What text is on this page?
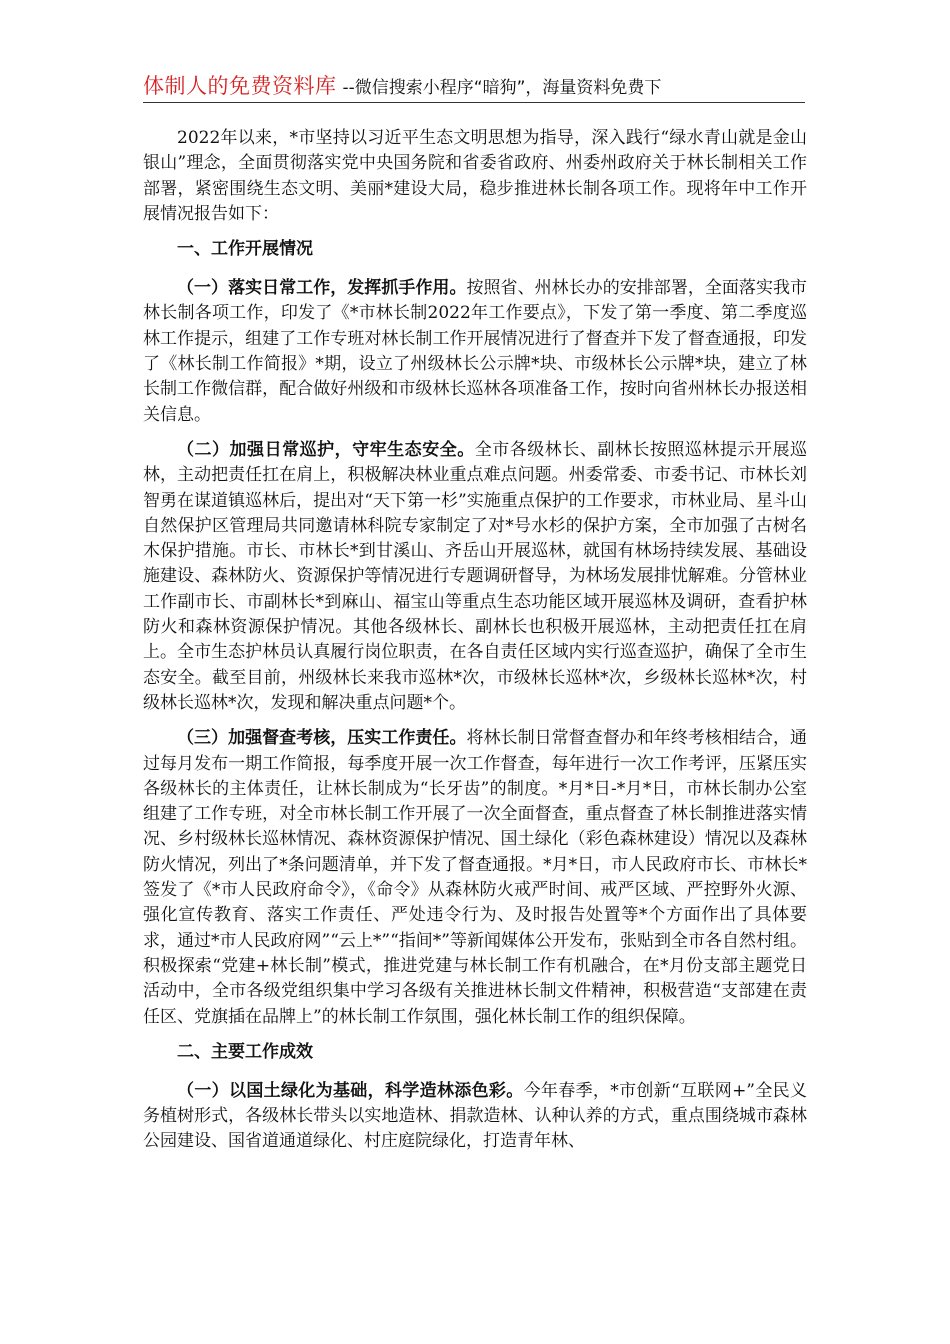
体制人的免费资料库 --微信搜索小程序“暗狗”，海量资料免费下

2022年以来，*市坚持以习近平生态文明思想为指导，深入践行“绿水青山就是金山银山”理念，全面贯彻落实党中央国务院和省委省政府、州委州政府关于林长制相关工作部署，紧密围绕生态文明、美丽*建设大局，稳步推进林长制各项工作。现将年中工作开展情况报告如下：

一、工作开展情况

（一）落实日常工作，发挥抓手作用。按照省、州林长办的安排部署，全面落实我市林长制各项工作，印发了《*市林长制2022年工作要点》，下发了第一季度、第二季度巡林工作提示，组建了工作专班对林长制工作开展情况进行了督查并下发了督查通报，印发了《林长制工作简报》*期，设立了州级林长公示牌*块、市级林长公示牌*块，建立了林长制工作微信群，配合做好州级和市级林长巡林各项准备工作，按时向省州林长办报送相关信息。

（二）加强日常巡护，守牢生态安全。全市各级林长、副林长按照巡林提示开展巡林，主动把责任扛在肩上，积极解决林业重点难点问题。州委常委、市委书记、市林长刘智勇在谋道镇巡林后，提出对“天下第一杉”实施重点保护的工作要求，市林业局、星斗山自然保护区管理局共同邀请林科院专家制定了对*号水杉的保护方案，全市加强了古树名木保护措施。市长、市林长*到甘溪山、齐岳山开展巡林，就国有林场持续发展、基础设施建设、森林防火、资源保护等情况进行专题调研督导，为林场发展排忧解难。分管林业工作副市长、市副林长*到麻山、福宝山等重点生态功能区域开展巡林及调研，查看护林防火和森林资源保护情况。其他各级林长、副林长也积极开展巡林，主动把责任扛在肩上。全市生态护林员认真履行岗位职责，在各自责任区域内实行巡查巡护，确保了全市生态安全。截至目前，州级林长来我市巡林*次，市级林长巡林*次，乡级林长巡林*次，村级林长巡林*次，发现和解决重点问题*个。

（三）加强督查考核，压实工作责任。将林长制日常督查督办和年终考核相结合，通过每月发布一期工作简报，每季度开展一次工作督查，每年进行一次工作考评，压紧压实各级林长的主体责任，让林长制成为“长牙齿”的制度。*月*日-*月*日，市林长制办公室组建了工作专班，对全市林长制工作开展了一次全面督查，重点督查了林长制推进落实情况、乡村级林长巡林情况、森林资源保护情况、国土绿化（彩色森林建设）情况以及森林防火情况，列出了*条问题清单，并下发了督查通报。*月*日，市人民政府市长、市林长*签发了《*市人民政府命令》，《命令》从森林防火戒严时间、戒严区域、严控野外火源、强化宣传教育、落实工作责任、严处违令行为、及时报告处置等*个方面作出了具体要求，通过*市人民政府网”“云上*”“指间*”等新闻媒体公开发布，张贴到全市各自然村组。积极探索“党建+林长制”模式，推进党建与林长制工作有机融合，在*月份支部主题党日活动中，全市各级党组织集中学习各级有关推进林长制文件精神，积极营造“支部建在责任区、党旗插在品牌上”的林长制工作氛围，强化林长制工作的组织保障。

二、主要工作成效

（一）以国土绿化为基础，科学造林添色彩。今年春季，*市创新“互联网+”全民义务植树形式，各级林长带头以实地造林、捐款造林、认种认养的方式，重点围绕城市森林公园建设、国省道通道绿化、村庄庭院绿化，打造青年林、
